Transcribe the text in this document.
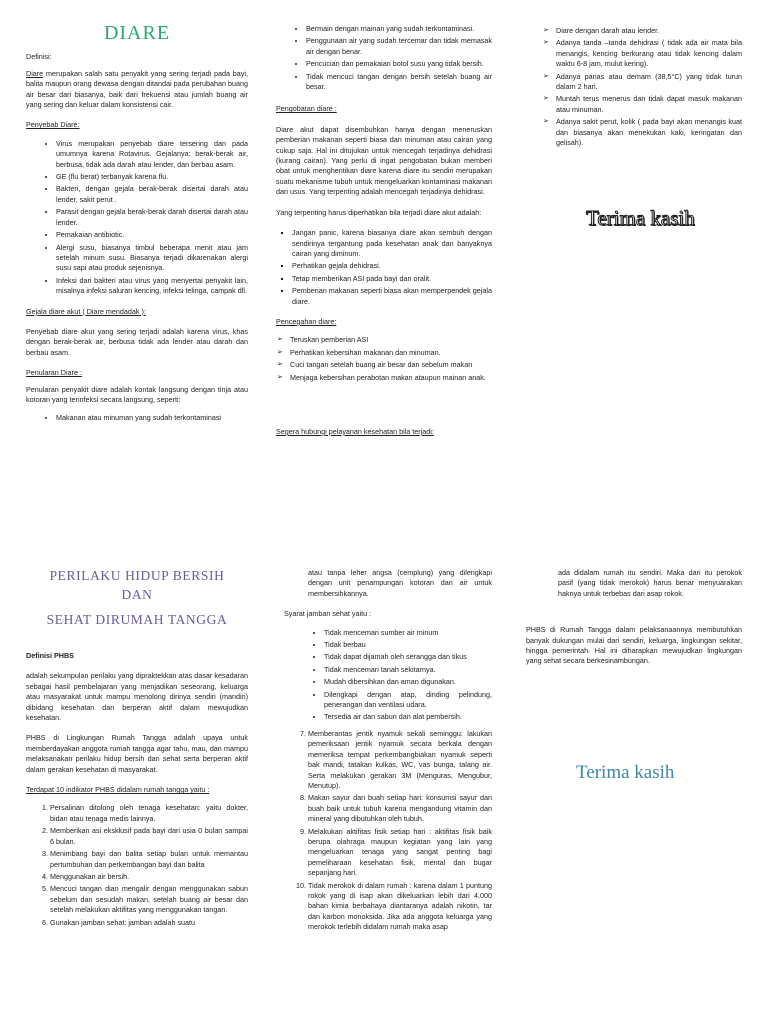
DIARE

Definisi:

Diare merupakan salah satu penyakit yang sering terjadi pada bayi, balita maupun orang dewasa dengan ditandai pada perubahan buang air besar dari biasanya, baik dari frekuensi atau jumlah buang air yang sering dan keluar dalam konsistensi cair.

Penyebab Diare:

• Virus merupakan penyebab diare tersering dan pada umumnya karena Rotavirus. Gejalanya: berak-berak air, berbusa, tidak ada darah atau lender, dan berbau asam.
• GE (flu berat) terbanyak karena flu.
• Bakteri, dengan gejala berak-berak disertai darah atau lender, sakit perut .
• Parasit dengan gejala berak-berak darah disertai darah atau lender.
• Pemakaian antibiotic.
• Alergi susu, biasanya timbul beberapa menit atau jam setelah minum susu. Biasanya terjadi dikarenakan alergi susu sapi atau produk sejenisnya.
• Infeksi dari bakteri atau virus yang menyertai penyakit lain, misalnya infeksi saluran kencing, infeksi telinga, campak dll.

Gejala diare akut ( Diare mendadak ):

Penyebab diare akut yang sering terjadi adalah karena virus, khas dengan berak-berak air, berbusa tidak ada lender atau darah dan berbau asam.

Penularan Diare :

Penularan penyakit diare adalah kontak langsung dengan tinja atau kotoran yang terinfeksi secara langsung, seperti:

• Makanan atau minuman yang sudah terkontaminasi
• Bermain dengan mainan yang sudah terkontaminasi.
• Penggunaan air yang sudah tercemar dan tidak memasak air dengan benar.
• Pencucian dan pemakaian botol susu yang tidak bersih.
• Tidak mencuci tangan dengan bersih setelah buang air besar.

Pengobatan diare :

Diare akut dapat disembuhkan hanya dengan meneruskan pemberian makanan seperti biasa dan minuman atau cairan yang cukup saja. Hal ini ditujukan untuk mencegah terjadinya dehidrasi (kurang cairan). Yang perlu di ingat pengobatan bukan memberi obat untuk menghentikan diare karena diare itu sendiri merupakan suatu mekanisme tubuh untuk mengeluarkan kontaminasi makanan dari usus. Yang terpenting adalah mencegah terjadinya dehidrasi.

Yang terpenting harus diperhatikan bila terjadi diare akut adalah:

▪ Jangan panic, karena biasanya diare akan sembuh dengan sendirinya tergantung pada kesehatan anak dan banyaknya cairan yang diminum.
▪ Perhatikan gejala dehidrasi.
▪ Tetap memberikan ASI pada bayi dan oralit.
▪ Pemberian makanan seperti biasa akan memperpendek gejala diare.

Pencegahan diare:

➢ Teruskan pemberian ASI
➢ Perhatikan kebersihan makanan dan minuman.
➢ Cuci tangan setelah buang air besar dan sebelum makan
➢ Menjaga kebersihan perabotan makan ataupun mainan anak.

Segera hubungi pelayanan kesehatan bila terjadi:

➢ Diare dengan darah atau lender.
➢ Adanya tanda –tanda dehidrasi ( tidak ada air mata bila menangis, kencing berkurang atau tidak kencing dalam waktu 6-8 jam, mulut kering).
➢ Adanya panas atau demam (38,5°C) yang tidak turun dalam 2 hari.
➢ Muntah terus menerus dan tidak dapat masuk makanan atau minuman.
➢ Adanya sakit perut, kolik ( pada bayi akan menangis kuat dan biasanya akan menekukan kaki, keringatan dan gelisah).
Terima kasih
PERILAKU HIDUP BERSIH
DAN
SEHAT DIRUMAH TANGGA

Definisi PHBS

adalah sekumpulan perilaku yang dipraktekkan atas dasar kesadaran sebagai hasil pembelajaran yang menjadikan seseorang, keluarga atau masyarakat untuk mampu menolong dirinya sendiri (mandiri) dibidang kesehatan dan berperan aktif dalam mewujudkan kesehatan.

PHBS di Lingkungan Rumah Tangga adalah upaya untuk memberdayakan anggota rumah tangga agar tahu, mau, dan mampu melaksanakan perilaku hidup bersih dan sehat serta berperan aktif dalam gerakan kesehatan di masyarakat.

Terdapat 10 indikator PHBS didalam rumah tangga yaitu :

1. Persalinan ditolong oleh tenaga kesehatan: yaitu dokter, bidan atau tenaga medis lainnya.
2. Memberikan asi eksklusif pada bayi dari usia 0 bulan sampai 6 bulan.
3. Menimbang bayi dan balita setiap bulan untuk memantau pertumbuhan dan perkembangan bayi dan balita
4. Menggunakan air bersih.
5. Mencuci tangan dian mengalir dengan menggunakan sabun sebelum dan sesudah makan, setelah buang air besar dan setelah melakukan aktifitas yang menggunakan tangan.
6. Gunakan jamban sehat: jamban adalah suatu

atau tanpa leher angsa (cemplung) yang dilengkapi dengan unit penampungan kotoran dan air untuk membersihkannya.

Syarat jamban sehat yaitu :

• Tidak mencemari sumber air minum
• Tidak berbau
• Tidak dapat dijamah oleh serangga dan tikus
• Tidak mencemari tanah sekitarnya.
• Mudah dibersihkan dan aman digunakan.
• Dilengkapi dengan atap, dinding pelindung, penerangan dan ventilasi udara.
• Tersedia air dan sabun dan alat pembersih.
7. Memberantas jentik nyamuk sekali seminggu: lakukan pemeriksaan jentik nyamuk secara berkala dengan memeriksa tempat perkembangbiakan nyamuk seperti bak mandi, tatakan kulkas, WC, vas bunga, talang air. Serta melakukan gerakan 3M (Menguras, Mengubur, Menutup).
8. Makan sayur dan buah setiap hari: konsumsi sayur dan buah baik untuk tubuh karena mengandung vitamin dan mineral yang dibutuhkan oleh tubuh.
9. Melakukan aktifitas fisik setiap hari : aktifitas fisik baik berupa olahraga maupun kegiatan yang lain yang mengeluarkan tenaga yang sangat penting bagi pemeliharaan kesehatan fisik, mental dan bugar sepanjang hari.
10. Tidak merokok di dalam rumah : karena dalam 1 puntung rokok yang di isap akan dikeluarkan lebih dari 4.000 bahan kimia berbahaya diantaranya adalah nikotin, tar dan karbon monoksida. Jika ada anggota keluarga yang merokok terlebih didalam rumah maka asap

ada didalam rumah itu sendiri. Maka dari itu perokok pasif (yang tidak merokok) harus benar menyuarakan haknya untuk terbebas dari asap rokok.

PHBS di Rumah Tangga dalam pelaksanaannya membutuhkan banyak dukungan mulai dari sendiri, keluarga, lingkungan sekitar, hingga pemerintah. Hal ini diharapkan mewujudkan lingkungan yang sehat secara berkesinambungan.

Terima kasih
